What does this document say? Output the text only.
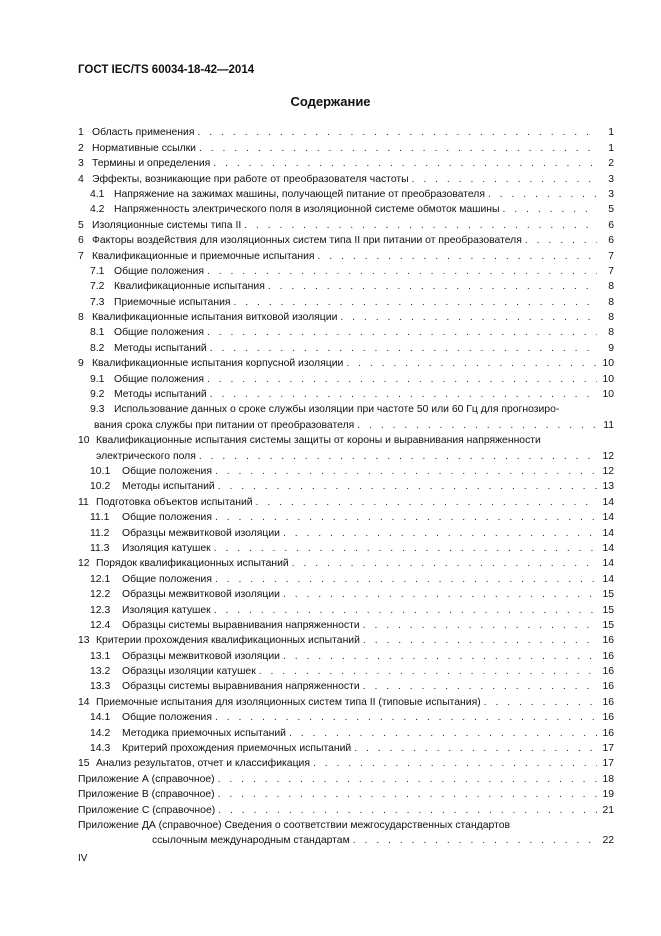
ГОСТ IEC/TS 60034-18-42—2014
Содержание
1 Область применения . . .	1
2 Нормативные ссылки . . .	1
3 Термины и определения . . .	2
4 Эффекты, возникающие при работе от преобразователя частоты . . .	3
4.1 Напряжение на зажимах машины, получающей питание от преобразователя . . .	3
4.2 Напряженность электрического поля в изоляционной системе обмоток машины . . .	5
5 Изоляционные системы типа II . . .	6
6 Факторы воздействия для изоляционных систем типа II при питании от преобразователя . . .	6
7 Квалификационные и приемочные испытания . . .	7
7.1 Общие положения . . .	7
7.2 Квалификационные испытания . . .	8
7.3 Приемочные испытания . . .	8
8 Квалификационные испытания витковой изоляции . . .	8
8.1 Общие положения . . .	8
8.2 Методы испытаний . . .	9
9 Квалификационные испытания корпусной изоляции . . .	10
9.1 Общие положения . . .	10
9.2 Методы испытаний . . .	10
9.3 Использование данных о сроке службы изоляции при частоте 50 или 60 Гц для прогнозиро-
вания срока службы при питании от преобразователя . . .	11
10 Квалификационные испытания системы защиты от короны и выравнивания напряженности
электрического поля . . .	12
10.1	Общие положения . . .	12
10.2	Методы испытаний . . .	13
11 Подготовка объектов испытаний . . .	14
11.1	Общие положения . . .	14
11.2	Образцы межвитковой изоляции . . .	14
11.3	Изоляция катушек . . .	14
12 Порядок квалификационных испытаний . . .	14
12.1	Общие положения . . .	14
12.2	Образцы межвитковой изоляции . . .	15
12.3	Изоляция катушек . . .	15
12.4	Образцы системы выравнивания напряженности . . .	15
13 Критерии прохождения квалификационных испытаний . . .	16
13.1	Образцы межвитковой изоляции . . .	16
13.2	Образцы изоляции катушек . . .	16
13.3	Образцы системы выравнивания напряженности . . .	16
14 Приемочные испытания для изоляционных систем типа II (типовые испытания) . . .	16
14.1	Общие положения . . .	16
14.2	Методика приемочных испытаний . . .	16
14.3	Критерий прохождения приемочных испытаний . . .	17
15 Анализ результатов, отчет и классификация . . .	17
Приложение А (справочное) . . .	18
Приложение В (справочное) . . .	19
Приложение С (справочное) . . .	21
Приложение ДА (справочное) Сведения о соответствии межгосударственных стандартов
ссылочным международным стандартам . . .	22
IV
